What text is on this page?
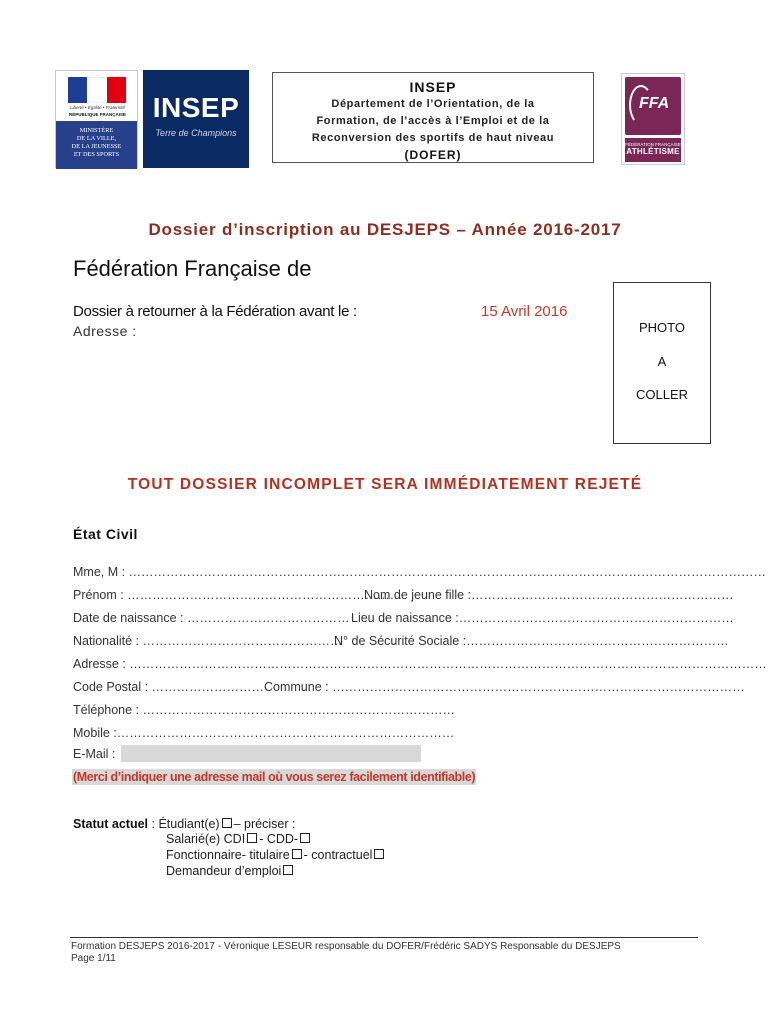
Liberté • Égalité • Fraternité
RÉPUBLIQUE FRANÇAISE
MINISTÈRE
DE LA VILLE,
DE LA JEUNESSE
ET DES SPORTS
INSEP
Terre de Champions
INSEP
Département de l’Orientation, de la
Formation, de l’accès à l’Emploi et de la
Reconversion des sportifs de haut niveau
(DOFER)
FFA
FÉDÉRATION FRANÇAISE
ATHLÉTISME
Dossier d’inscription au DESJEPS – Année 2016-2017
Fédération Française de
Dossier à retourner à la Fédération avant le :	15 Avril 2016
Adresse :	PHOTO
A
COLLER
TOUT DOSSIER INCOMPLET SERA IMMÉDIATEMENT REJETÉ
État Civil
Mme, M : ………………………………………………………………………………………………………………………………………
Prénom : …………………………………………………………
Nom de jeune fille :………………………………………………………
Date de naissance : ………………………………… Lieu de naissance :…………………………………………………………
Nationalité : …………………………………………
N° de Sécurité Sociale :………………………………………………………
Adresse : ………………………………………………………………………………………………………………………………………
Code Postal : ……………………… Commune : ………………………………………………………………………………………
Téléphone : …………………………………………………………………
Mobile :………………………………………………………………………
E-Mail :
(Merci d’indiquer une adresse mail où vous serez facilement identifiable)
Statut actuel : Étudiant(e) – préciser :
Salarié(e) CDI - CDD-
Fonctionnaire- titulaire - contractuel
Demandeur d’emploi
Formation DESJEPS 2016-2017 - Véronique LESEUR responsable du DOFER/Frédéric SADYS Responsable du DESJEPS
Page 1/11
